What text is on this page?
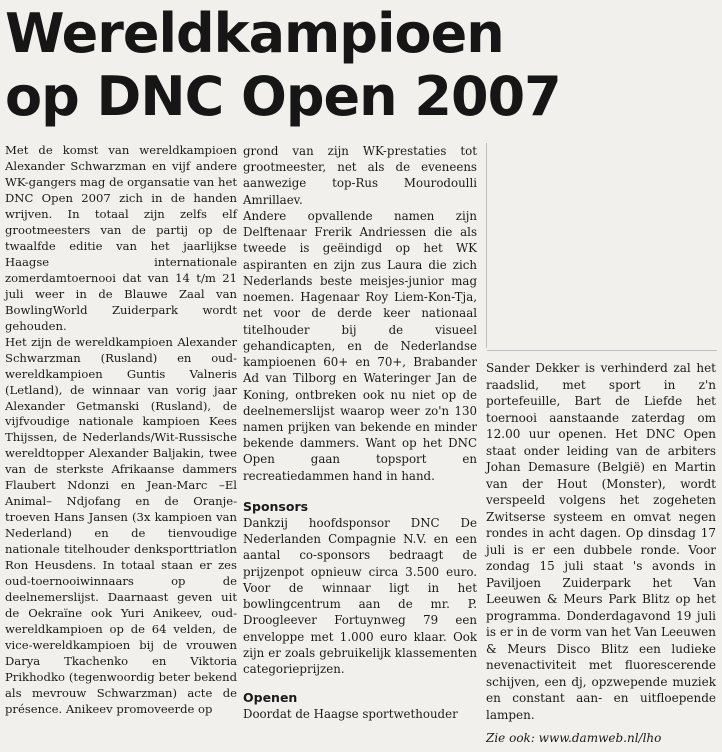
Wereldkampioen
op DNC Open 2007

Met de komst van wereldkampioen Alexander Schwarzman en vijf andere WK-gangers mag de organsatie van het DNC Open 2007 zich in de handen wrijven. In totaal zijn zelfs elf grootmeesters van de partij op de twaalfde editie van het jaarlijkse Haagse internationale zomerdamtoernooi dat van 14 t/m 21 juli weer in de Blauwe Zaal van BowlingWorld Zuiderpark wordt gehouden.

Het zijn de wereldkampioen Alexander Schwarzman (Rusland) en oud-wereldkampioen Guntis Valneris (Letland), de winnaar van vorig jaar Alexander Getmanski (Rusland), de vijfvoudige nationale kampioen Kees Thijssen, de Nederlands/Wit-Russische wereldtopper Alexander Baljakin, twee van de sterkste Afrikaanse dammers Flaubert Ndonzi en Jean-Marc –El Animal– Ndjofang en de Oranje-troeven Hans Jansen (3x kampioen van Nederland) en de tienvoudige nationale titelhouder denksporttriatlon Ron Heusdens. In totaal staan er zes oud-toernooiwinnaars op de deelnemerslijst. Daarnaast geven uit de Oekraïne ook Yuri Anikeev, oud-wereldkampioen op de 64 velden, de vice-wereldkampioen bij de vrouwen Darya Tkachenko en Viktoria Prikhodko (tegenwoordig beter bekend als mevrouw Schwarzman) acte de présence. Anikeev promoveerde op

grond van zijn WK-prestaties tot grootmeester, net als de eveneens aanwezige top-Rus Mourodoulli Amrillaev.

Andere opvallende namen zijn Delftenaar Frerik Andriessen die als tweede is geëindigd op het WK aspiranten en zijn zus Laura die zich Nederlands beste meisjes-junior mag noemen. Hagenaar Roy Liem-Kon-Tja, net voor de derde keer nationaal titelhouder bij de visueel gehandicapten, en de Nederlandse kampioenen 60+ en 70+, Brabander Ad van Tilborg en Wateringer Jan de Koning, ontbreken ook nu niet op de deelnemerslijst waarop weer zo'n 130 namen prijken van bekende en minder bekende dammers. Want op het DNC Open gaan topsport en recreatiedammen hand in hand.

Sponsors

Dankzij hoofdsponsor DNC De Nederlanden Compagnie N.V. en een aantal co-sponsors bedraagt de prijzenpot opnieuw circa 3.500 euro. Voor de winnaar ligt in het bowlingcentrum aan de mr. P. Droogleever Fortuynweg 79 een enveloppe met 1.000 euro klaar. Ook zijn er zoals gebruikelijk klassementen categorieprijzen.

Openen

Doordat de Haagse sportwethouder

Sander Dekker is verhinderd zal het raadslid, met sport in z'n portefeuille, Bart de Liefde het toernooi aanstaande zaterdag om 12.00 uur openen. Het DNC Open staat onder leiding van de arbiters Johan Demasure (België) en Martin van der Hout (Monster), wordt verspeeld volgens het zogeheten Zwitserse systeem en omvat negen rondes in acht dagen. Op dinsdag 17 juli is er een dubbele ronde. Voor zondag 15 juli staat 's avonds in Paviljoen Zuiderpark het Van Leeuwen & Meurs Park Blitz op het programma. Donderdagavond 19 juli is er in de vorm van het Van Leeuwen & Meurs Disco Blitz een ludieke nevenactiviteit met fluorescerende schijven, een dj, opzwepende muziek en constant aan- en uitfloepende lampen.

Zie ook: www.damweb.nl/lho
